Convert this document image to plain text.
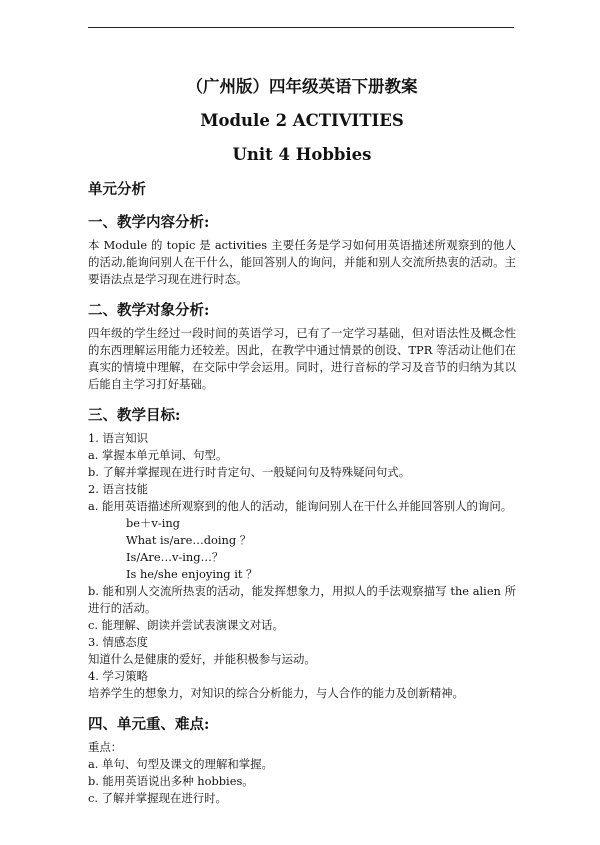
（广州版）四年级英语下册教案

Module 2 ACTIVITIES

Unit 4 Hobbies

单元分析

一、教学内容分析:

本 Module 的 topic 是 activities 主要任务是学习如何用英语描述所观察到的他人的活动,能询问别人在干什么，能回答别人的询问，并能和别人交流所热衷的活动。主要语法点是学习现在进行时态。

二、教学对象分析:

四年级的学生经过一段时间的英语学习，已有了一定学习基础，但对语法性及概念性的东西理解运用能力还较差。因此，在教学中通过情景的创设、TPR 等活动让他们在真实的情境中理解，在交际中学会运用。同时，进行音标的学习及音节的归纳为其以后能自主学习打好基础。

三、教学目标:

1. 语言知识

a. 掌握本单元单词、句型。

b. 了解并掌握现在进行时肯定句、一般疑问句及特殊疑问句式。

2. 语言技能

a. 能用英语描述所观察到的他人的活动，能询问别人在干什么并能回答别人的询问。

be＋v-ing

What is/are…doing ？

Is/Are…v-ing…？

Is he/she enjoying it ？

b. 能和别人交流所热衷的活动，能发挥想象力，用拟人的手法观察描写 the alien 所进行的活动。

c. 能理解、朗读并尝试表演课文对话。

3. 情感态度

知道什么是健康的爱好，并能积极参与运动。

4. 学习策略

培养学生的想象力，对知识的综合分析能力，与人合作的能力及创新精神。

四、单元重、难点:

重点：

a. 单句、句型及课文的理解和掌握。

b. 能用英语说出多种 hobbies。

c. 了解并掌握现在进行时。
